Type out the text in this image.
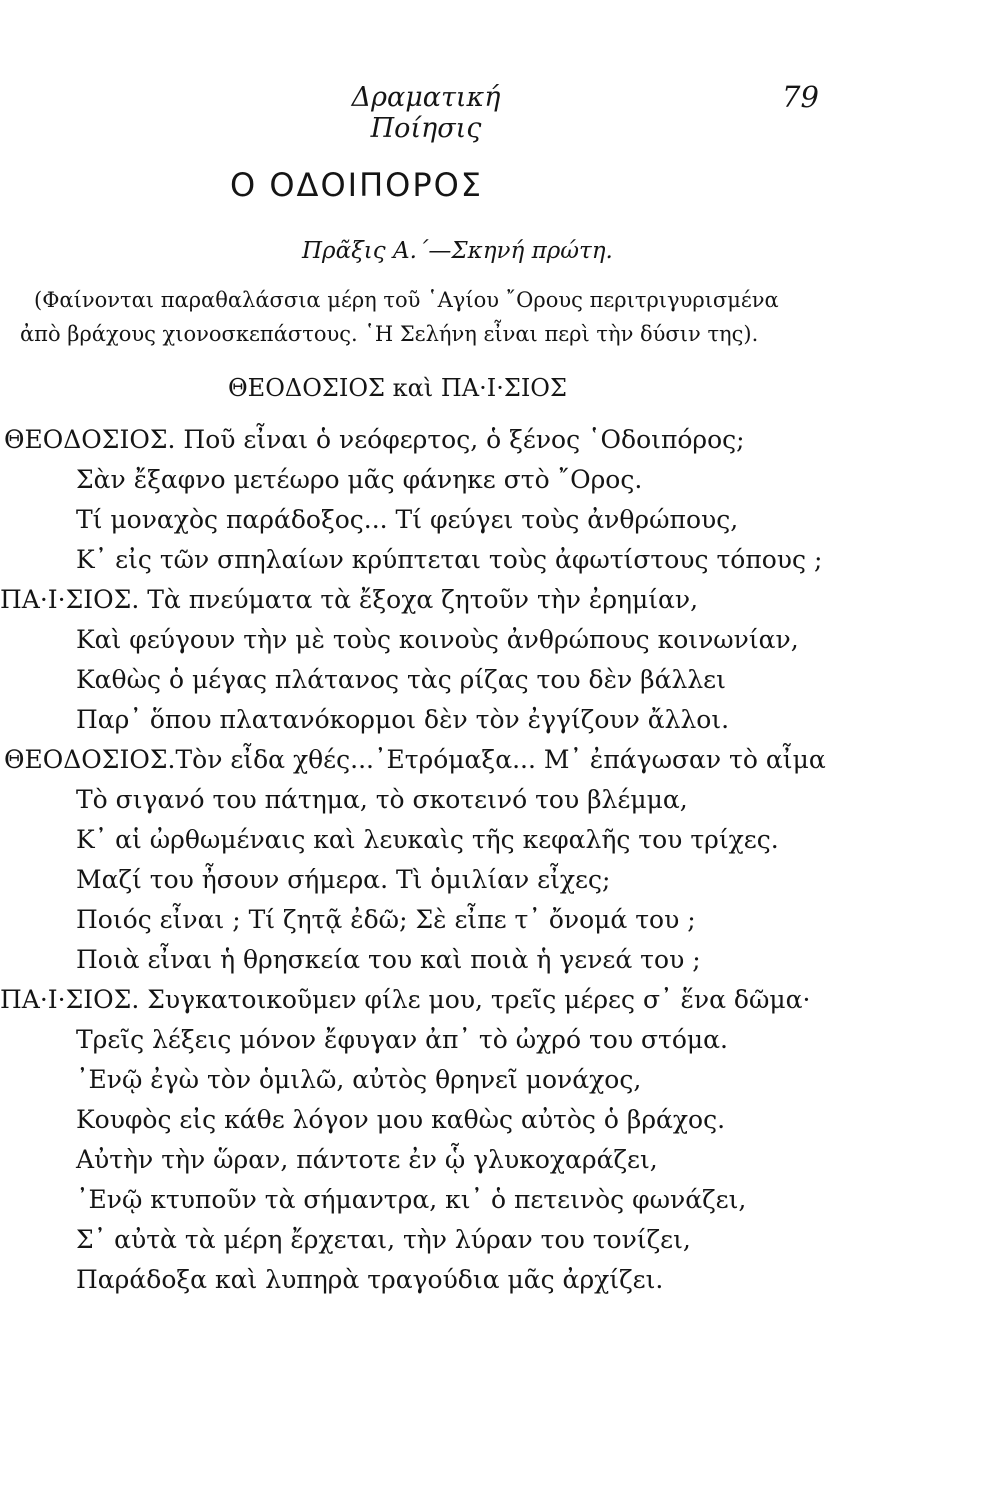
Δραματική Ποίησις
79
Ο ΟΔΟΙΠΟΡΟΣ
Πρᾶξις Α.΄—Σκηνή πρώτη.
(Φαίνονται παραθαλάσσια μέρη τοῦ ῾Αγίου ῎Ορους περιτριγυρισμένα
ἀπὸ βράχους χιονοσκεπάστους. ῾Η Σελήνη εἶναι περὶ τὴν δύσιν της).
ΘΕΟΔΟΣΙΟΣ καὶ ΠΑ·Ι·ΣΙΟΣ
ΘΕΟΔΟΣΙΟΣ. Ποῦ εἶναι ὁ νεόφερτος, ὁ ξένος ῾Οδοιπόρος;
Σὰν ἔξαφνο μετέωρο μᾶς φάνηκε στὸ ῎Ορος.
Τί μοναχὸς παράδοξος... Τί φεύγει τοὺς ἀνθρώπους,
Κ᾿ εἰς τῶν σπηλαίων κρύπτεται τοὺς ἀφωτίστους τόπους ;
ΠΑ·Ι·ΣΙΟΣ. Τὰ πνεύματα τὰ ἔξοχα ζητοῦν τὴν ἐρημίαν,
Καὶ φεύγουν τὴν μὲ τοὺς κοινοὺς ἀνθρώπους κοινωνίαν,
Καθὼς ὁ μέγας πλάτανος τὰς ρίζας του δὲν βάλλει
Παρ᾿ ὅπου πλατανόκορμοι δὲν τὸν ἐγγίζουν ἄλλοι.
ΘΕΟΔΟΣΙΟΣ.Τὸν εἶδα χθές...᾿Ετρόμαξα... Μ᾿ ἐπάγωσαν τὸ αἶμα
Τὸ σιγανό του πάτημα, τὸ σκοτεινό του βλέμμα,
Κ᾿ αἱ ὠρθωμέναις καὶ λευκαὶς τῆς κεφαλῆς του τρίχες.
Μαζί του ἦσουν σήμερα. Τὶ ὁμιλίαν εἶχες;
Ποιός εἶναι ; Τί ζητᾷ ἐδῶ; Σὲ εἶπε τ᾿ ὄνομά του ;
Ποιὰ εἶναι ἡ θρησκεία του καὶ ποιὰ ἡ γενεά του ;
ΠΑ·Ι·ΣΙΟΣ. Συγκατοικοῦμεν φίλε μου, τρεῖς μέρες σ᾿ ἕνα δῶμα·
Τρεῖς λέξεις μόνον ἔφυγαν ἀπ᾿ τὸ ὠχρό του στόμα.
᾿Ενῷ ἐγὼ τὸν ὁμιλῶ, αὐτὸς θρηνεῖ μονάχος,
Κουφὸς εἰς κάθε λόγον μου καθὼς αὐτὸς ὁ βράχος.
Αὐτὴν τὴν ὥραν, πάντοτε ἐν ᾧ γλυκοχαράζει,
᾿Ενῷ κτυποῦν τὰ σήμαντρα, κι᾿ ὁ πετεινὸς φωνάζει,
Σ᾿ αὐτὰ τὰ μέρη ἔρχεται, τὴν λύραν του τονίζει,
Παράδοξα καὶ λυπηρὰ τραγούδια μᾶς ἀρχίζει.
